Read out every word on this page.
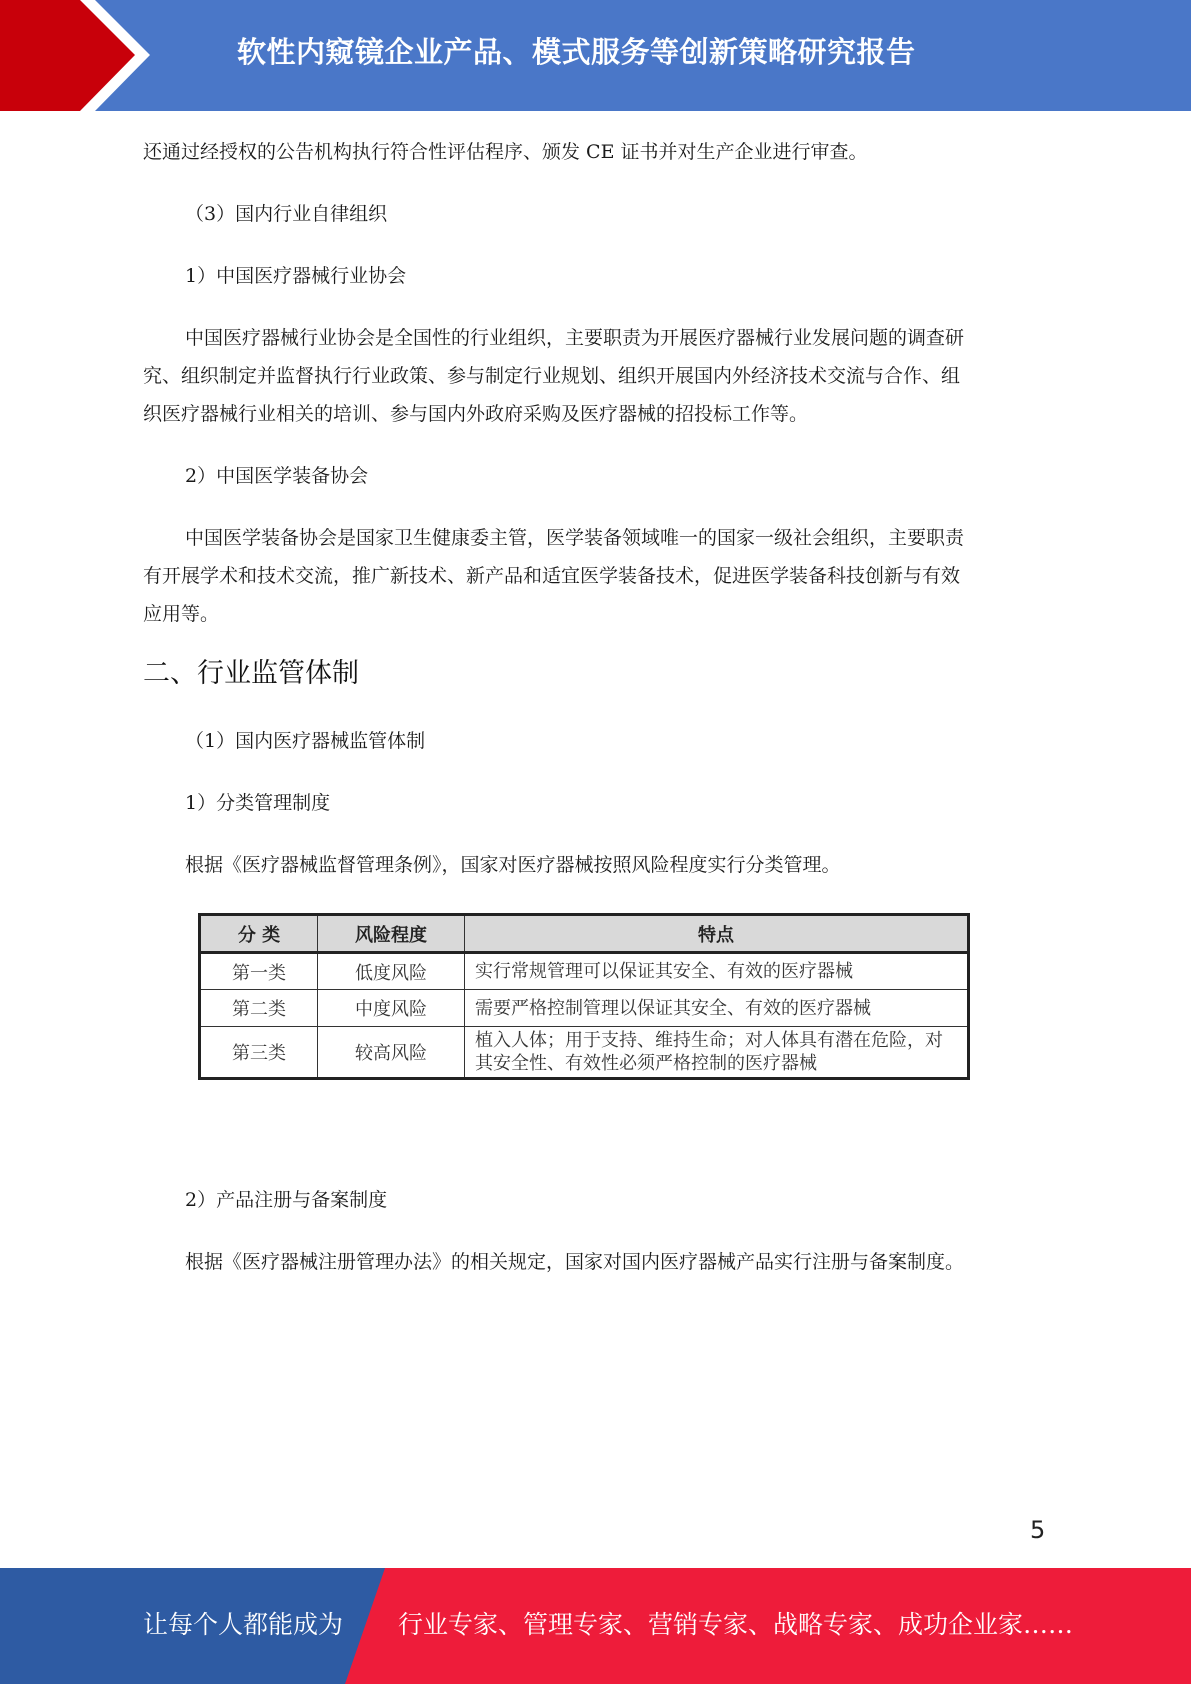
软性内窥镜企业产品、模式服务等创新策略研究报告
还通过经授权的公告机构执行符合性评估程序、颁发 CE 证书并对生产企业进行审查。
（3）国内行业自律组织
1）中国医疗器械行业协会
中国医疗器械行业协会是全国性的行业组织，主要职责为开展医疗器械行业发展问题的调查研
究、组织制定并监督执行行业政策、参与制定行业规划、组织开展国内外经济技术交流与合作、组
织医疗器械行业相关的培训、参与国内外政府采购及医疗器械的招投标工作等。
2）中国医学装备协会
中国医学装备协会是国家卫生健康委主管，医学装备领域唯一的国家一级社会组织，主要职责
有开展学术和技术交流，推广新技术、新产品和适宜医学装备技术，促进医学装备科技创新与有效
应用等。
二、行业监管体制
（1）国内医疗器械监管体制
1）分类管理制度
根据《医疗器械监督管理条例》，国家对医疗器械按照风险程度实行分类管理。
分 类	风险程度	特点
第一类	低度风险	实行常规管理可以保证其安全、有效的医疗器械
第二类	中度风险	需要严格控制管理以保证其安全、有效的医疗器械
第三类	较高风险	植入人体；用于支持、维持生命；对人体具有潜在危险，对
其安全性、有效性必须严格控制的医疗器械
2）产品注册与备案制度
根据《医疗器械注册管理办法》的相关规定，国家对国内医疗器械产品实行注册与备案制度。
5
让每个人都能成为 行业专家、管理专家、营销专家、战略专家、成功企业家……
